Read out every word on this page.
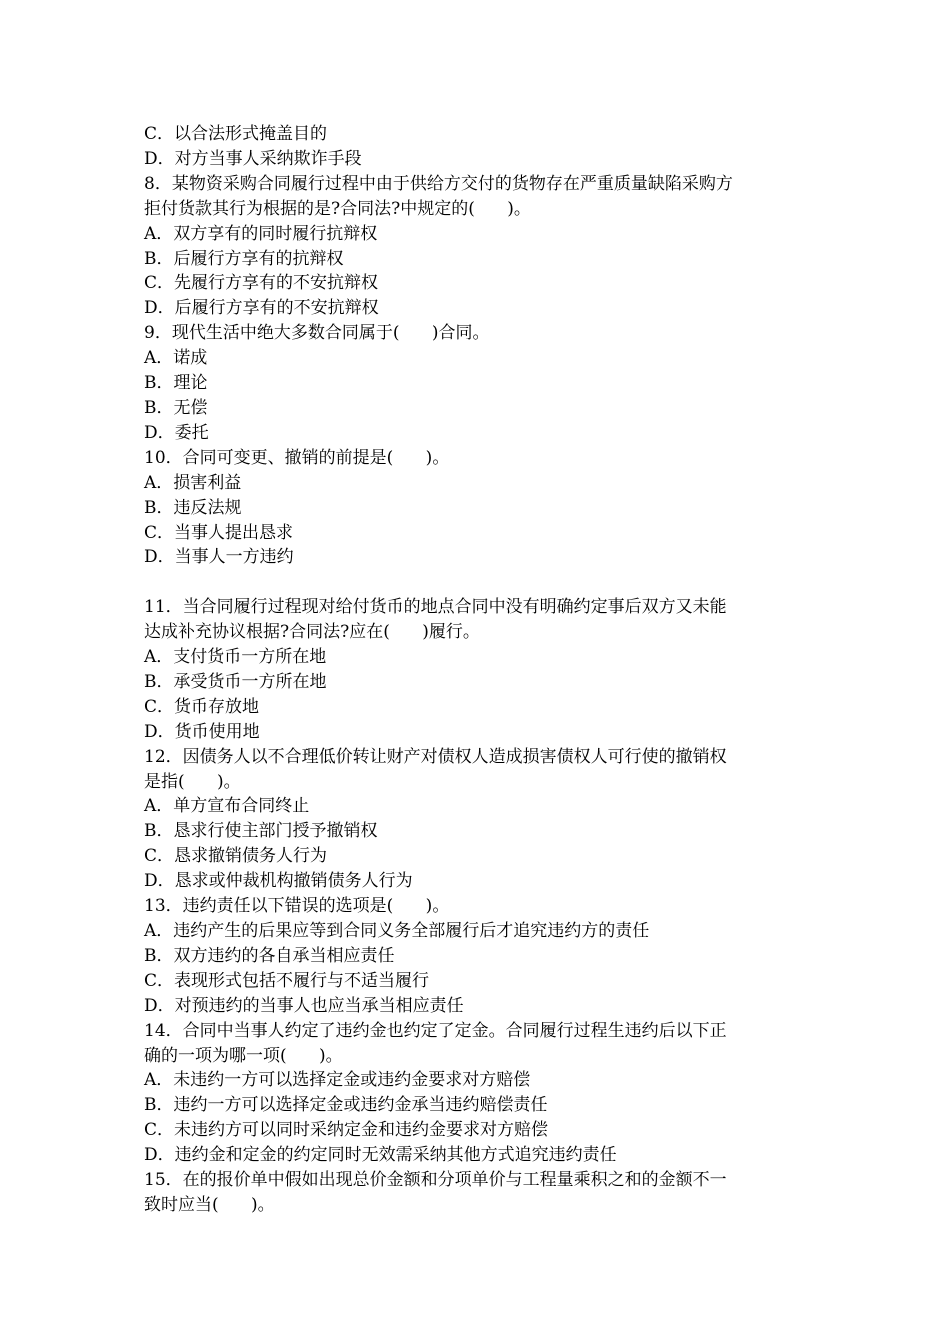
C．以合法形式掩盖目的

D．对方当事人采纳欺诈手段

8．某物资采购合同履行过程中由于供给方交付的货物存在严重质量缺陷采购方

拒付货款其行为根据的是?合同法?中规定的(      )。

A．双方享有的同时履行抗辩权

B．后履行方享有的抗辩权

C．先履行方享有的不安抗辩权

D．后履行方享有的不安抗辩权

9．现代生活中绝大多数合同属于(      )合同。

A．诺成

B．理论

B．无偿

D．委托

10．合同可变更、撤销的前提是(      )。

A．损害利益

B．违反法规

C．当事人提出恳求

D．当事人一方违约

11．当合同履行过程现对给付货币的地点合同中没有明确约定事后双方又未能

达成补充协议根据?合同法?应在(      )履行。

A．支付货币一方所在地

B．承受货币一方所在地

C．货币存放地

D．货币使用地

12．因债务人以不合理低价转让财产对债权人造成损害债权人可行使的撤销权

是指(      )。

A．单方宣布合同终止

B．恳求行使主部门授予撤销权

C．恳求撤销债务人行为

D．恳求或仲裁机构撤销债务人行为

13．违约责任以下错误的选项是(      )。

A．违约产生的后果应等到合同义务全部履行后才追究违约方的责任

B．双方违约的各自承当相应责任

C．表现形式包括不履行与不适当履行

D．对预违约的当事人也应当承当相应责任

14．合同中当事人约定了违约金也约定了定金。合同履行过程生违约后以下正

确的一项为哪一项(      )。

A．未违约一方可以选择定金或违约金要求对方赔偿

B．违约一方可以选择定金或违约金承当违约赔偿责任

C．未违约方可以同时采纳定金和违约金要求对方赔偿

D．违约金和定金的约定同时无效需采纳其他方式追究违约责任

15．在的报价单中假如出现总价金额和分项单价与工程量乘积之和的金额不一

致时应当(      )。
